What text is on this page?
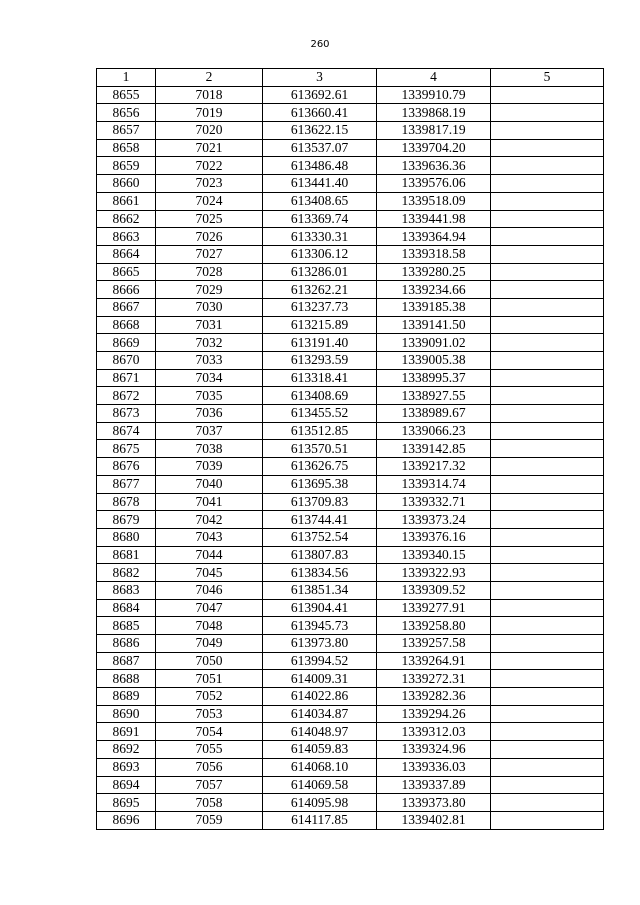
260
1	2	3	4	5
8655	7018	613692.61	1339910.79	
8656	7019	613660.41	1339868.19	
8657	7020	613622.15	1339817.19	
8658	7021	613537.07	1339704.20	
8659	7022	613486.48	1339636.36	
8660	7023	613441.40	1339576.06	
8661	7024	613408.65	1339518.09	
8662	7025	613369.74	1339441.98	
8663	7026	613330.31	1339364.94	
8664	7027	613306.12	1339318.58	
8665	7028	613286.01	1339280.25	
8666	7029	613262.21	1339234.66	
8667	7030	613237.73	1339185.38	
8668	7031	613215.89	1339141.50	
8669	7032	613191.40	1339091.02	
8670	7033	613293.59	1339005.38	
8671	7034	613318.41	1338995.37	
8672	7035	613408.69	1338927.55	
8673	7036	613455.52	1338989.67	
8674	7037	613512.85	1339066.23	
8675	7038	613570.51	1339142.85	
8676	7039	613626.75	1339217.32	
8677	7040	613695.38	1339314.74	
8678	7041	613709.83	1339332.71	
8679	7042	613744.41	1339373.24	
8680	7043	613752.54	1339376.16	
8681	7044	613807.83	1339340.15	
8682	7045	613834.56	1339322.93	
8683	7046	613851.34	1339309.52	
8684	7047	613904.41	1339277.91	
8685	7048	613945.73	1339258.80	
8686	7049	613973.80	1339257.58	
8687	7050	613994.52	1339264.91	
8688	7051	614009.31	1339272.31	
8689	7052	614022.86	1339282.36	
8690	7053	614034.87	1339294.26	
8691	7054	614048.97	1339312.03	
8692	7055	614059.83	1339324.96	
8693	7056	614068.10	1339336.03	
8694	7057	614069.58	1339337.89	
8695	7058	614095.98	1339373.80	
8696	7059	614117.85	1339402.81	
